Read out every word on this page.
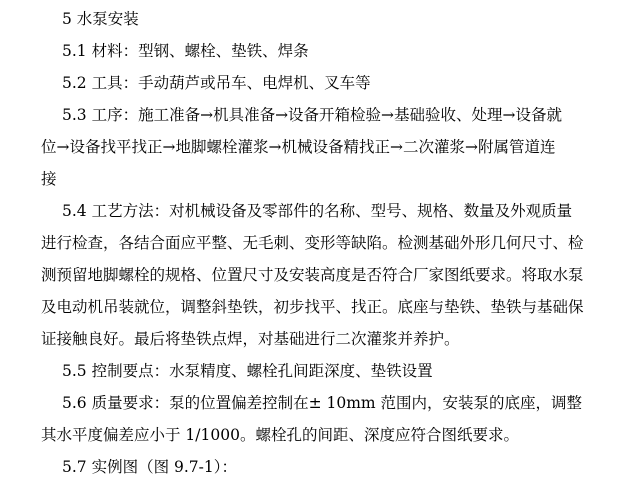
5 水泵安装
5.1 材料：型钢、螺栓、垫铁、焊条
5.2 工具：手动葫芦或吊车、电焊机、叉车等
5.3 工序：施工准备→机具准备→设备开箱检验→基础验收、处理→设备就
位→设备找平找正→地脚螺栓灌浆→机械设备精找正→二次灌浆→附属管道连
接
5.4 工艺方法：对机械设备及零部件的名称、型号、规格、数量及外观质量
进行检查，各结合面应平整、无毛刺、变形等缺陷。检测基础外形几何尺寸、检
测预留地脚螺栓的规格、位置尺寸及安装高度是否符合厂家图纸要求。将取水泵
及电动机吊装就位，调整斜垫铁，初步找平、找正。底座与垫铁、垫铁与基础保
证接触良好。最后将垫铁点焊，对基础进行二次灌浆并养护。
5.5 控制要点：水泵精度、螺栓孔间距深度、垫铁设置
5.6 质量要求：泵的位置偏差控制在± 10mm 范围内，安装泵的底座，调整
其水平度偏差应小于 1/1000。螺栓孔的间距、深度应符合图纸要求。
5.7 实例图（图 9.7-1）：
